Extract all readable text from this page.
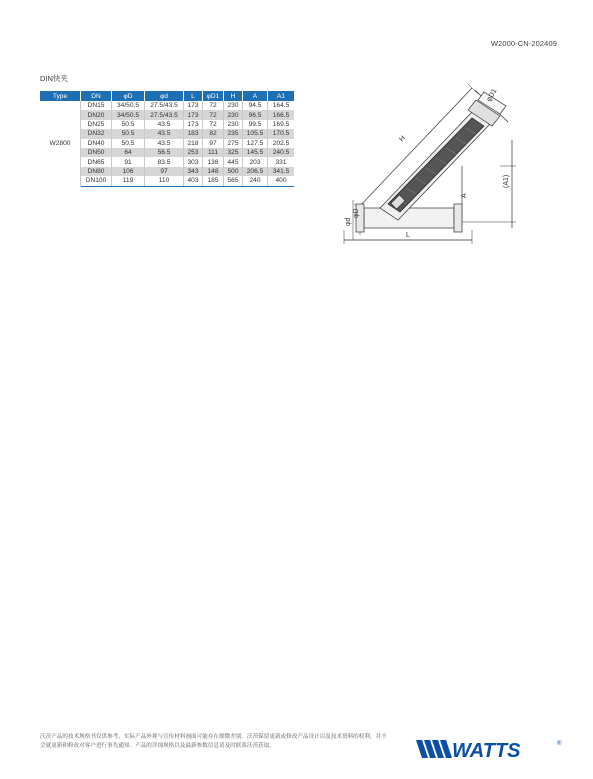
W2000-CN-202409
DIN快夹
Type	DN	φD	φd	L	φD1	H	A	A1
W2800	DN15	34/50.5	27.5/43.5	173	72	230	94.5	164.5
	DN20	34/50.5	27.5/43.5	173	72	230	96.5	166.5
	DN25	50.5	43.5	173	72	230	99.5	169.5
	DN32	50.5	43.5	183	82	235	105.5	170.5
	DN40	50.5	43.5	218	97	275	127.5	202.5
	DN50	64	56.5	253	111	325	145.5	240.5
	DN65	91	83.5	303	138	445	203	331
	DN80	106	97	343	148	500	206.5	341.5
	DN100	119	110	403	185	565	240	400
H
φD1
(A1)
A
φd
φD
L
沃茨产品的技术规格书仅供参考，实际产品外观与宣传材料画面可能存在细微差别。沃茨保留更新或修改产品设计以及技术资料的权利，并不会就更新和修改对客户进行事先通知。产品的详细规格以及最新参数信息请及时联系沃茨获取。	WATTS	®
